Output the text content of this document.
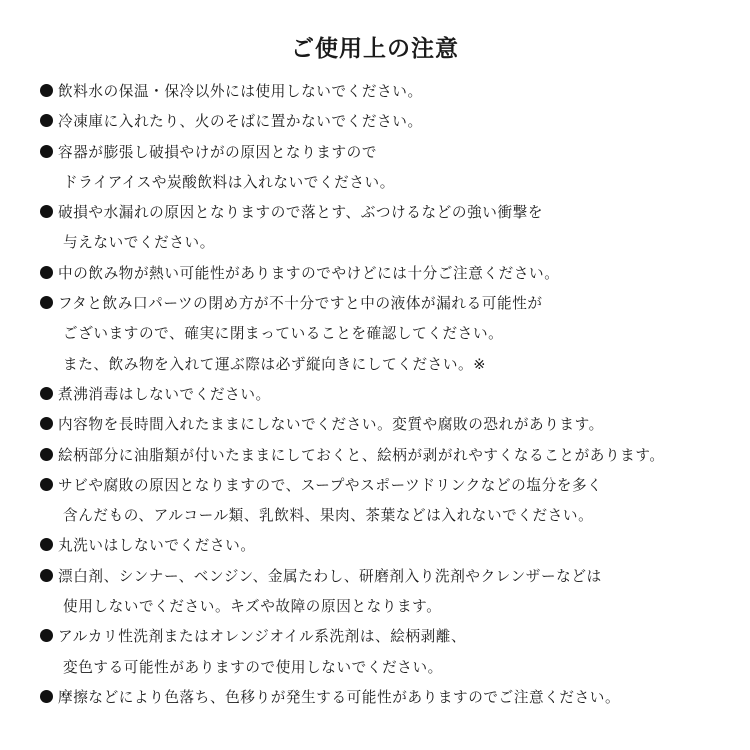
ご使用上の注意
飲料水の保温・保冷以外には使用しないでください。
冷凍庫に入れたり、火のそばに置かないでください。
容器が膨張し破損やけがの原因となりますので
ドライアイスや炭酸飲料は入れないでください。
破損や水漏れの原因となりますので落とす、ぶつけるなどの強い衝撃を
与えないでください。
中の飲み物が熱い可能性がありますのでやけどには十分ご注意ください。
フタと飲み口パーツの閉め方が不十分ですと中の液体が漏れる可能性が
ございますので、確実に閉まっていることを確認してください。
また、飲み物を入れて運ぶ際は必ず縦向きにしてください。※
煮沸消毒はしないでください。
内容物を長時間入れたままにしないでください。変質や腐敗の恐れがあります。
絵柄部分に油脂類が付いたままにしておくと、絵柄が剥がれやすくなることがあります。
サビや腐敗の原因となりますので、スープやスポーツドリンクなどの塩分を多く
含んだもの、アルコール類、乳飲料、果肉、茶葉などは入れないでください。
丸洗いはしないでください。
漂白剤、シンナー、ベンジン、金属たわし、研磨剤入り洗剤やクレンザーなどは
使用しないでください。キズや故障の原因となります。
アルカリ性洗剤またはオレンジオイル系洗剤は、絵柄剥離、
変色する可能性がありますので使用しないでください。
摩擦などにより色落ち、色移りが発生する可能性がありますのでご注意ください。
